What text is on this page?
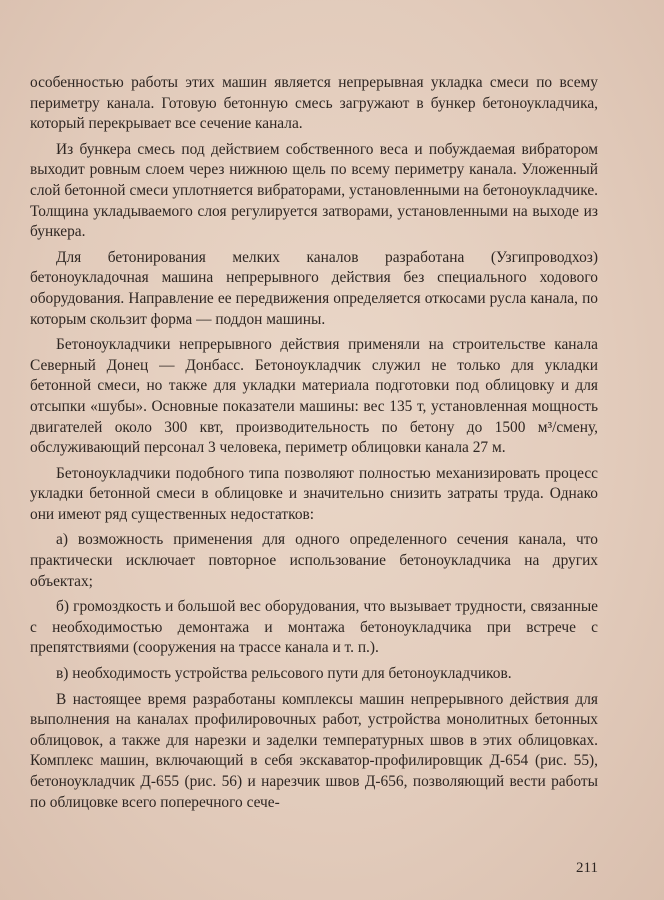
особенностью работы этих машин является непрерывная укладка смеси по всему периметру канала. Готовую бетонную смесь загружают в бункер бетоноукладчика, который перекрывает все сечение канала.

Из бункера смесь под действием собственного веса и побуждаемая вибратором выходит ровным слоем через нижнюю щель по всему периметру канала. Уложенный слой бетонной смеси уплотняется вибраторами, установленными на бетоноукладчике. Толщина укладываемого слоя регулируется затворами, установленными на выходе из бункера.

Для бетонирования мелких каналов разработана (Узгипроводхоз) бетоноукладочная машина непрерывного действия без специального ходового оборудования. Направление ее передвижения определяется откосами русла канала, по которым скользит форма — поддон машины.

Бетоноукладчики непрерывного действия применяли на строительстве канала Северный Донец — Донбасс. Бетоноукладчик служил не только для укладки бетонной смеси, но также для укладки материала подготовки под облицовку и для отсыпки «шубы». Основные показатели машины: вес 135 т, установленная мощность двигателей около 300 квт, производительность по бетону до 1500 м³/смену, обслуживающий персонал 3 человека, периметр облицовки канала 27 м.

Бетоноукладчики подобного типа позволяют полностью механизировать процесс укладки бетонной смеси в облицовке и значительно снизить затраты труда. Однако они имеют ряд существенных недостатков:

а) возможность применения для одного определенного сечения канала, что практически исключает повторное использование бетоноукладчика на других объектах;

б) громоздкость и большой вес оборудования, что вызывает трудности, связанные с необходимостью демонтажа и монтажа бетоноукладчика при встрече с препятствиями (сооружения на трассе канала и т. п.).

в) необходимость устройства рельсового пути для бетоноукладчиков.

В настоящее время разработаны комплексы машин непрерывного действия для выполнения на каналах профилировочных работ, устройства монолитных бетонных облицовок, а также для нарезки и заделки температурных швов в этих облицовках. Комплекс машин, включающий в себя экскаватор-профилировщик Д-654 (рис. 55), бетоноукладчик Д-655 (рис. 56) и нарезчик швов Д-656, позволяющий вести работы по облицовке всего поперечного сече-

211
